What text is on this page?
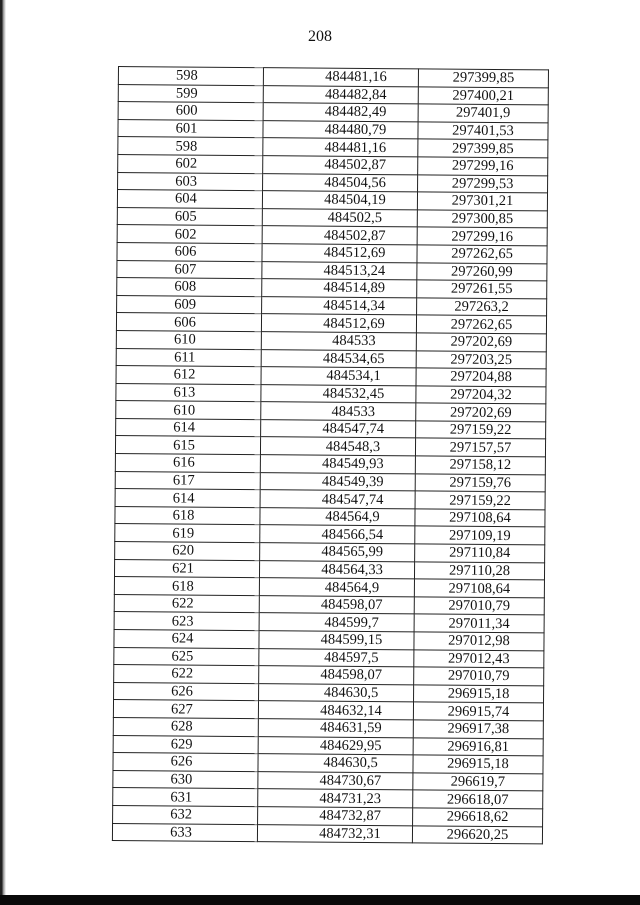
208
598	484481,16	297399,85
599	484482,84	297400,21
600	484482,49	297401,9
601	484480,79	297401,53
598	484481,16	297399,85
602	484502,87	297299,16
603	484504,56	297299,53
604	484504,19	297301,21
605	484502,5	297300,85
602	484502,87	297299,16
606	484512,69	297262,65
607	484513,24	297260,99
608	484514,89	297261,55
609	484514,34	297263,2
606	484512,69	297262,65
610	484533	297202,69
611	484534,65	297203,25
612	484534,1	297204,88
613	484532,45	297204,32
610	484533	297202,69
614	484547,74	297159,22
615	484548,3	297157,57
616	484549,93	297158,12
617	484549,39	297159,76
614	484547,74	297159,22
618	484564,9	297108,64
619	484566,54	297109,19
620	484565,99	297110,84
621	484564,33	297110,28
618	484564,9	297108,64
622	484598,07	297010,79
623	484599,7	297011,34
624	484599,15	297012,98
625	484597,5	297012,43
622	484598,07	297010,79
626	484630,5	296915,18
627	484632,14	296915,74
628	484631,59	296917,38
629	484629,95	296916,81
626	484630,5	296915,18
630	484730,67	296619,7
631	484731,23	296618,07
632	484732,87	296618,62
633	484732,31	296620,25
